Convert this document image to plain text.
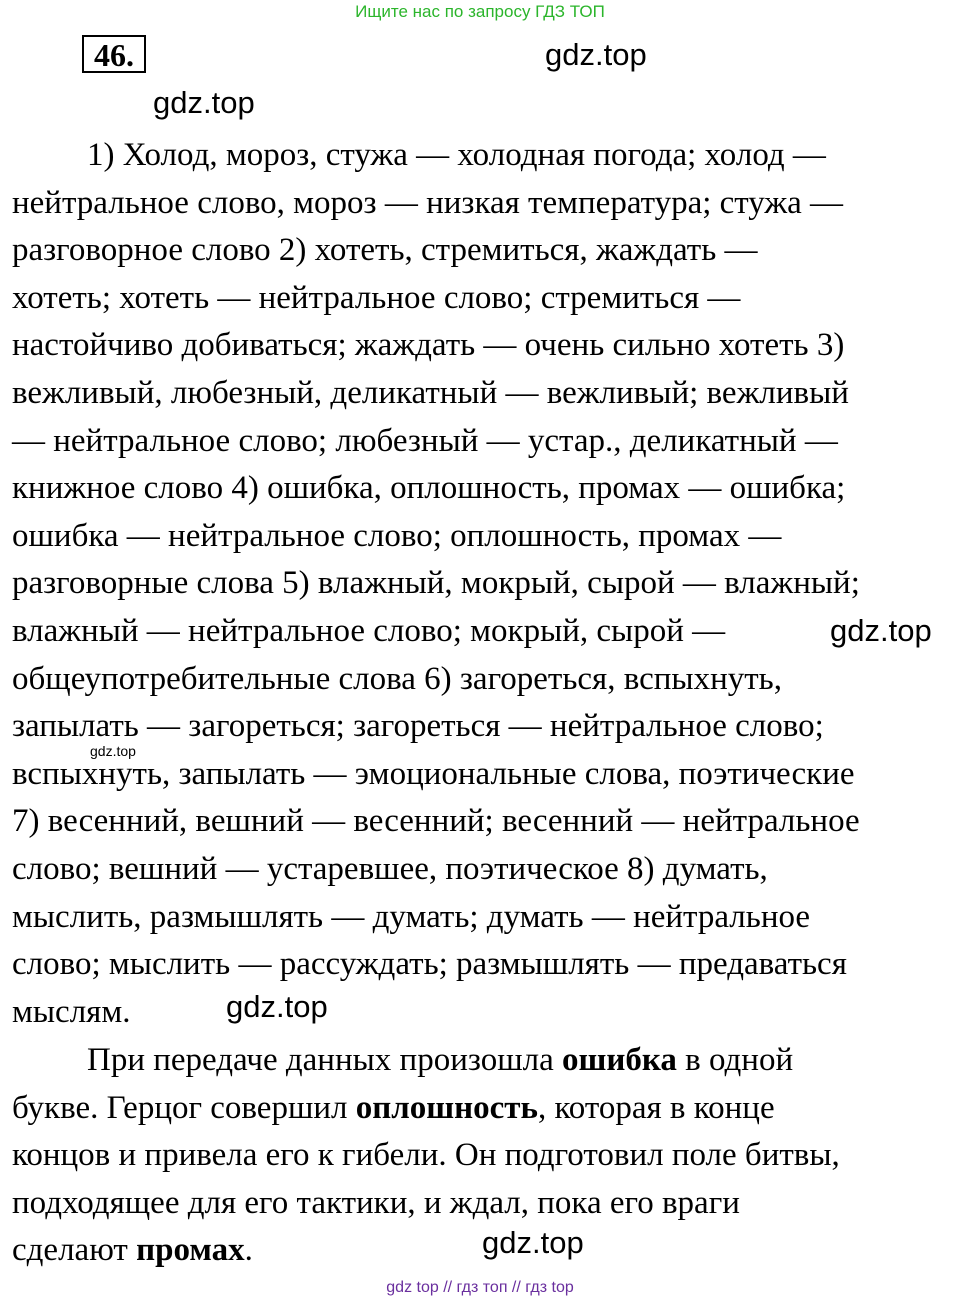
Ищите нас по запросу ГДЗ ТОП
46.	gdz.top
gdz.top
gdz.top
gdz.top
gdz.top
gdz.top
1) Холод, мороз, стужа — холодная погода; холод —
нейтральное слово, мороз — низкая температура; стужа —
разговорное слово 2) хотеть, стремиться, жаждать —
хотеть; хотеть — нейтральное слово; стремиться —
настойчиво добиваться; жаждать — очень сильно хотеть 3)
вежливый, любезный, деликатный — вежливый; вежливый
— нейтральное слово; любезный — устар., деликатный —
книжное слово 4) ошибка, оплошность, промах — ошибка;
ошибка — нейтральное слово; оплошность, промах —
разговорные слова 5) влажный, мокрый, сырой — влажный;
влажный — нейтральное слово; мокрый, сырой —
общеупотребительные слова 6) загореться, вспыхнуть,
запылать — загореться; загореться — нейтральное слово;
вспыхнуть, запылать — эмоциональные слова, поэтические
7) весенний, вешний — весенний; весенний — нейтральное
слово; вешний — устаревшее, поэтическое 8) думать,
мыслить, размышлять — думать; думать — нейтральное
слово; мыслить — рассуждать; размышлять — предаваться
мыслям.
При передаче данных произошла ошибка в одной
букве. Герцог совершил оплошность, которая в конце
концов и привела его к гибели. Он подготовил поле битвы,
подходящее для его тактики, и ждал, пока его враги
сделают промах.
gdz top // гдз топ // гдз top
